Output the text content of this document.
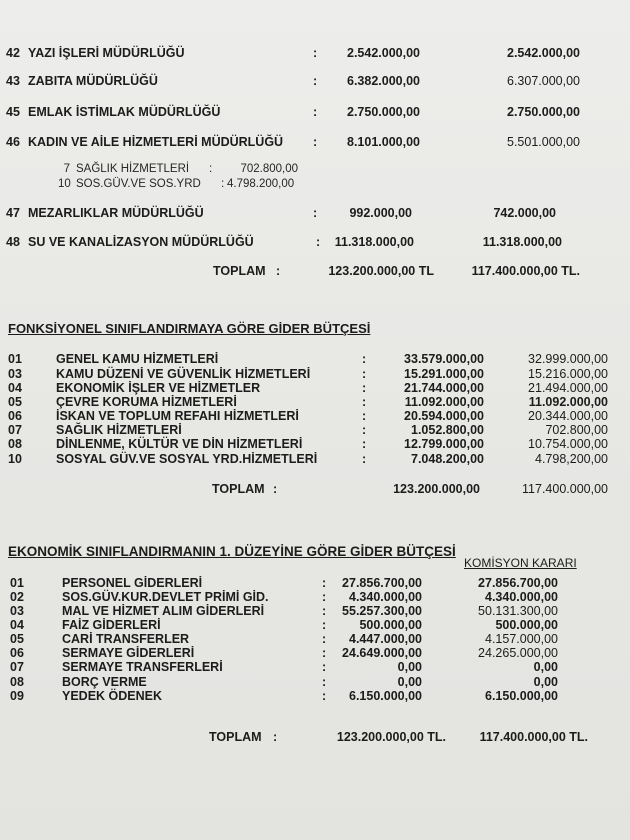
42 YAZI İŞLERİ MÜDÜRLÜĞÜ	:	2.542.000,00	2.542.000,00
43 ZABITA MÜDÜRLÜĞÜ	:	6.382.000,00	6.307.000,00
45 EMLAK İSTİMLAK MÜDÜRLÜĞÜ	:	2.750.000,00	2.750.000,00
46 KADIN VE AİLE HİZMETLERİ MÜDÜRLÜĞÜ :	8.101.000,00	5.501.000,00
7 SAĞLIK HİZMETLERİ :	702.800,00
10 SOS.GÜV.VE SOS.YRD : 4.798.200,00
47 MEZARLIKLAR MÜDÜRLÜĞÜ	:	992.000,00	742.000,00
48 SU VE KANALİZASYON MÜDÜRLÜĞÜ	:	11.318.000,00	11.318.000,00
TOPLAM :	123.200.000,00 TL	117.400.000,00 TL.
FONKSİYONEL SINIFLANDIRMAYA GÖRE GİDER BÜTÇESİ
01	GENEL KAMU HİZMETLERİ	:	33.579.000,00	32.999.000,00
03	KAMU DÜZENİ VE GÜVENLİK HİZMETLERİ	:	15.291.000,00	15.216.000,00
04	EKONOMİK İŞLER VE HİZMETLER	:	21.744.000,00	21.494.000,00
05	ÇEVRE KORUMA HİZMETLERİ	:	11.092.000,00	11.092.000,00
06	İSKAN VE TOPLUM REFAHI HİZMETLERİ	:	20.594.000,00	20.344.000,00
07	SAĞLIK HİZMETLERİ	:	1.052.800,00	702.800,00
08	DİNLENME, KÜLTÜR VE DİN HİZMETLERİ	:	12.799.000,00	10.754.000,00
10	SOSYAL GÜV.VE SOSYAL YRD.HİZMETLERİ	:	7.048.200,00	4.798,200,00
TOPLAM :	123.200.000,00	117.400.000,00
EKONOMİK SINIFLANDIRMANIN 1. DÜZEYİNE GÖRE GİDER BÜTÇESİ
KOMİSYON KARARI
01	PERSONEL GİDERLERİ	:	27.856.700,00	27.856.700,00
02	SOS.GÜV.KUR.DEVLET PRİMİ GİD.	:	4.340.000,00	4.340.000,00
03	MAL VE HİZMET ALIM GİDERLERİ	:	55.257.300,00	50.131.300,00
04	FAİZ GİDERLERİ	:	500.000,00	500.000,00
05	CARİ TRANSFERLER	:	4.447.000,00	4.157.000,00
06	SERMAYE GİDERLERİ	:	24.649.000,00	24.265.000,00
07	SERMAYE TRANSFERLERİ	:	0,00	0,00
08	BORÇ VERME	:	0,00	0,00
09	YEDEK ÖDENEK	:	6.150.000,00	6.150.000,00
TOPLAM :	123.200.000,00 TL.	117.400.000,00 TL.
